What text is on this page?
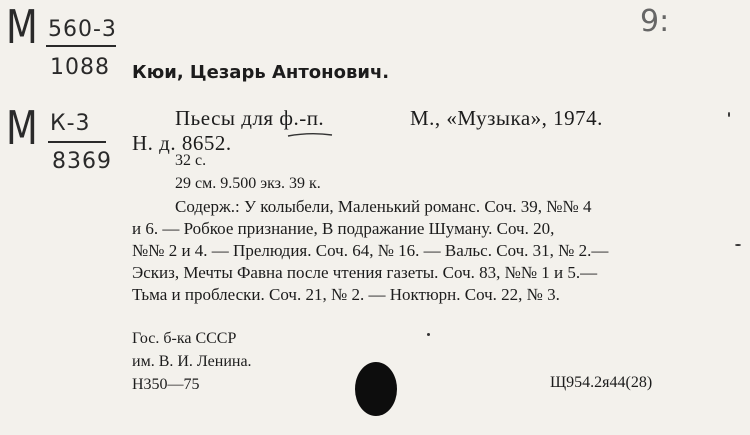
М 560-3
1088
М К-3
8369
9:
Кюи, Цезарь Антонович.
Пьесы для ф.-п.	М., «Музыка», 1974.
Н. д. 8652.
32 с.
29 см. 9.500 экз. 39 к.
Содерж.: У колыбели, Маленький романс. Соч. 39, №№ 4
и 6. — Робкое признание, В подражание Шуману. Соч. 20,
№№ 2 и 4. — Прелюдия. Соч. 64, № 16. — Вальс. Соч. 31, № 2.—
Эскиз, Мечты Фавна после чтения газеты. Соч. 83, №№ 1 и 5.—
Тьма и проблески. Соч. 21, № 2. — Ноктюрн. Соч. 22, № 3.
Гос. б-ка СССР
им. В. И. Ленина.
Н350—75	Щ954.2я44(28)
